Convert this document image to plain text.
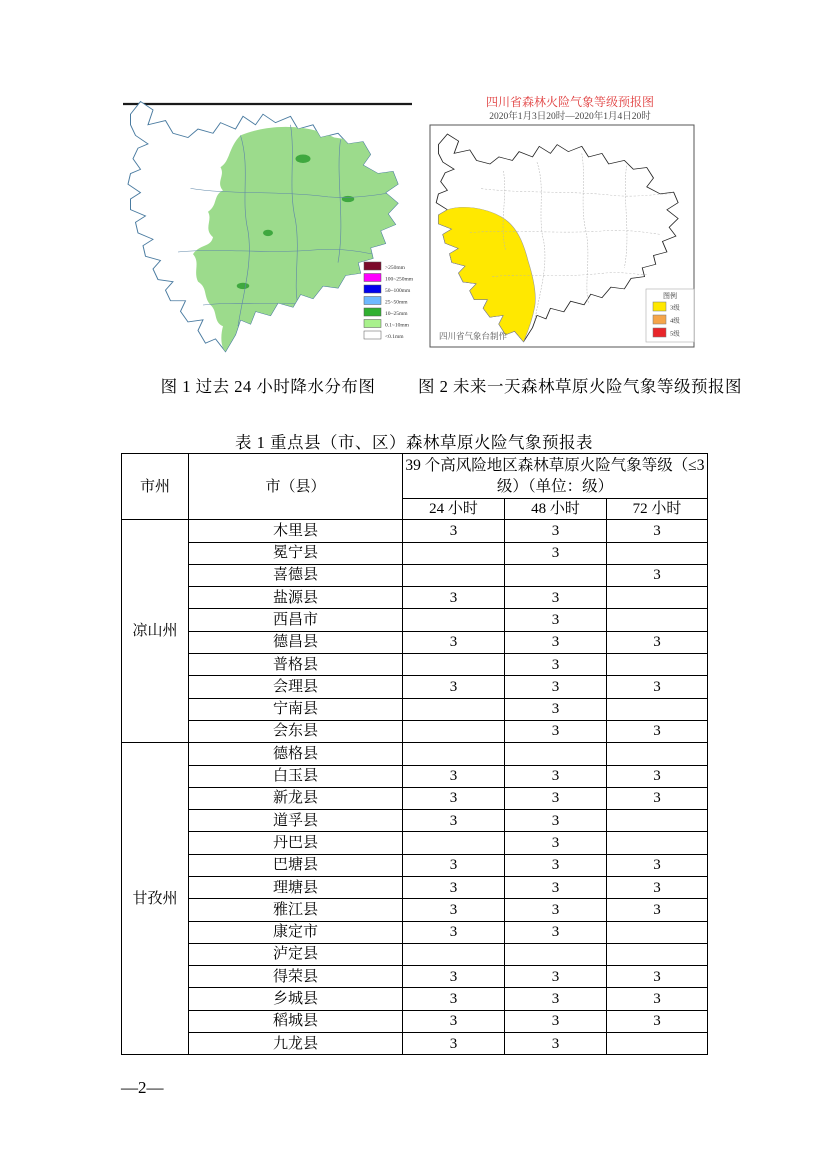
>250mm
100~250mm
50~100mm
25~50mm
10~25mm
0.1~10mm
<0.1mm
四川省森林火险气象等级预报图
2020年1月3日20时—2020年1月4日20时
图例
3级
4级
5级
四川省气象台制作
图 1 过去 24 小时降水分布图	图 2 未来一天森林草原火险气象等级预报图
表 1 重点县（市、区）森林草原火险气象预报表
市州	市（县）	39 个高风险地区森林草原火险气象等级（≤3 级）（单位：级）		
		24 小时	48 小时	72 小时
凉山州	木里县	3	3	3
	冕宁县		3	
	喜德县			3
	盐源县	3	3	
	西昌市		3	
	德昌县	3	3	3
	普格县		3	
	会理县	3	3	3
	宁南县		3	
	会东县		3	3
甘孜州	德格县			
	白玉县	3	3	3
	新龙县	3	3	3
	道孚县	3	3	
	丹巴县		3	
	巴塘县	3	3	3
	理塘县	3	3	3
	雅江县	3	3	3
	康定市	3	3	
	泸定县			
	得荣县	3	3	3
	乡城县	3	3	3
	稻城县	3	3	3
	九龙县	3	3	
—2—
